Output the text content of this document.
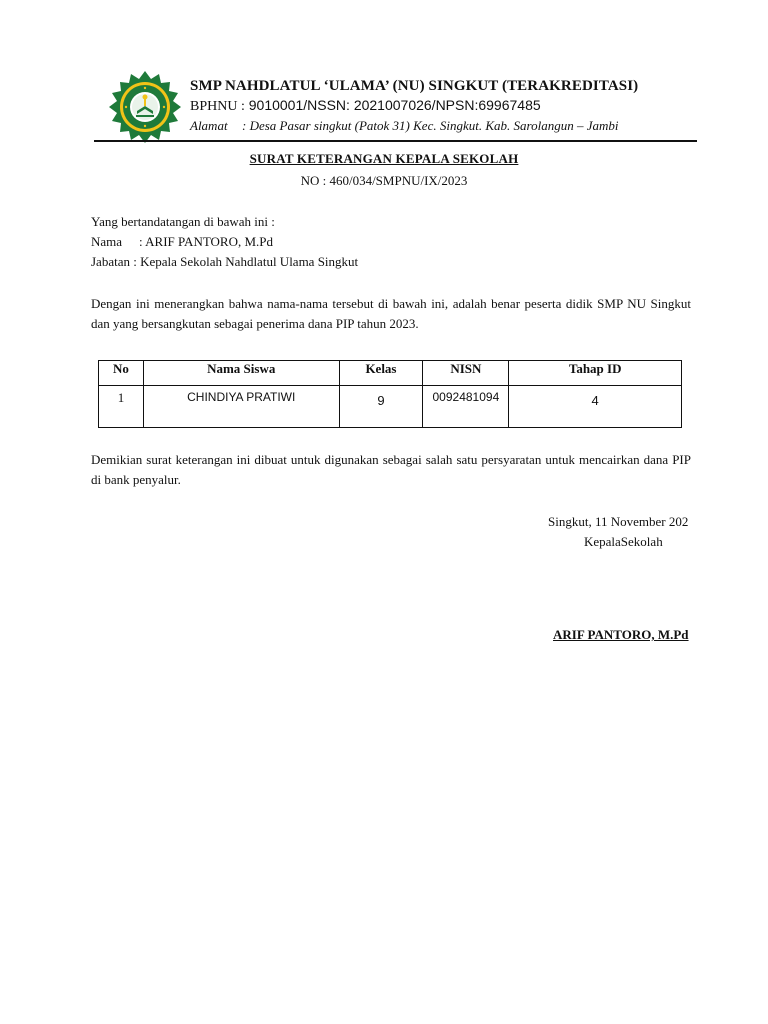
SMP NAHDLATUL ‘ULAMA’ (NU) SINGKUT (TERAKREDITASI)
BPHNU : 9010001/NSSN: 2021007026/NPSN:69967485
Alamat : Desa Pasar singkut (Patok 31) Kec. Singkut. Kab. Sarolangun – Jambi
SURAT KETERANGAN KEPALA SEKOLAH
NO : 460/034/SMPNU/IX/2023
Yang bertandatangan di bawah ini :
Nama : ARIF PANTORO, M.Pd
Jabatan : Kepala Sekolah Nahdlatul Ulama Singkut
Dengan ini menerangkan bahwa nama-nama tersebut di bawah ini, adalah benar peserta didik SMP NU Singkut dan yang bersangkutan sebagai penerima dana PIP tahun 2023.
No	Nama Siswa	Kelas	NISN	Tahap ID
1	CHINDIYA PRATIWI	9	0092481094	4
Demikian surat keterangan ini dibuat untuk digunakan sebagai salah satu persyaratan untuk mencairkan dana PIP di bank penyalur.
Singkut, 11 November 202
KepalaSekolah
ARIF PANTORO, M.Pd
